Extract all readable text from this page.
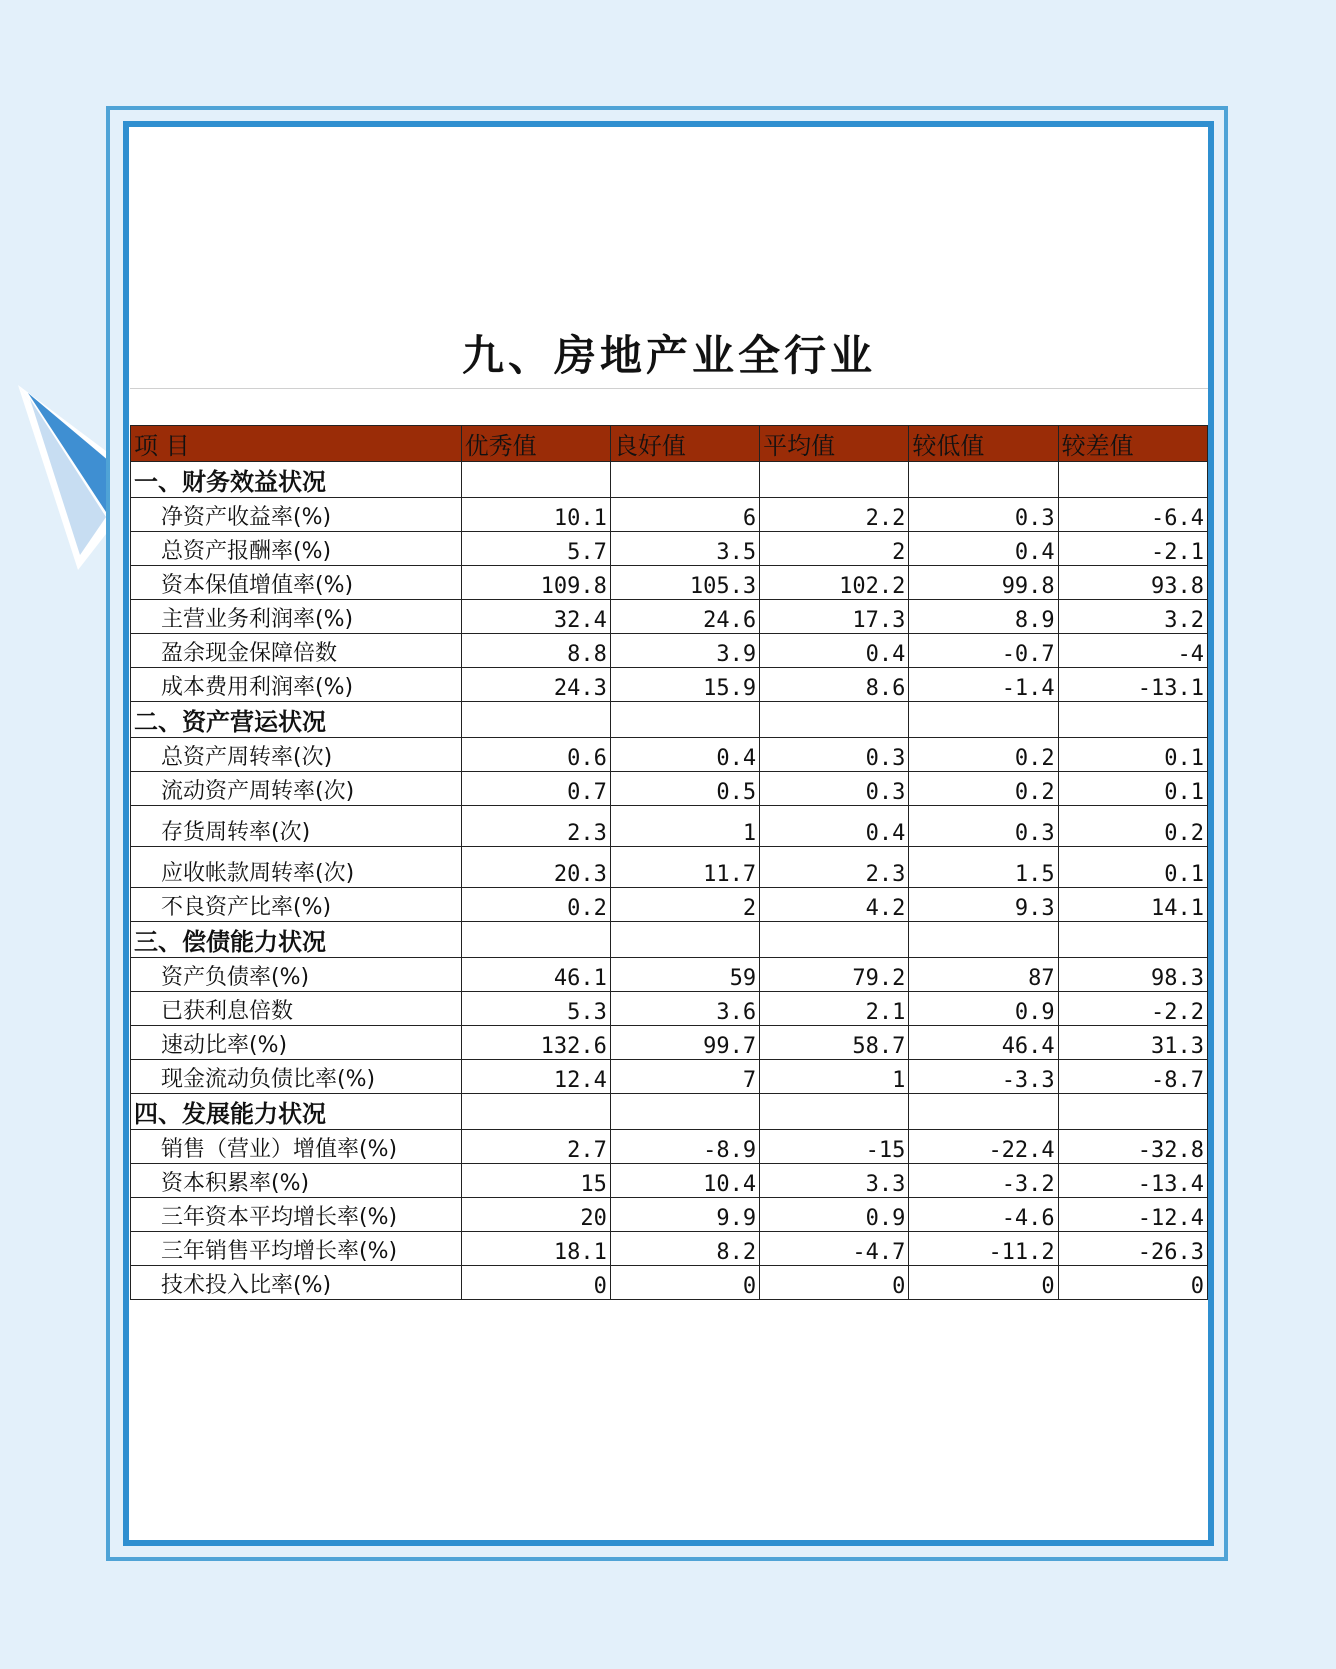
九、房地产业全行业
项 目	优秀值	良好值	平均值	较低值	较差值
一、财务效益状况					
净资产收益率(%)	10.1	6	2.2	0.3	-6.4
总资产报酬率(%)	5.7	3.5	2	0.4	-2.1
资本保值增值率(%)	109.8	105.3	102.2	99.8	93.8
主营业务利润率(%)	32.4	24.6	17.3	8.9	3.2
盈余现金保障倍数	8.8	3.9	0.4	-0.7	-4
成本费用利润率(%)	24.3	15.9	8.6	-1.4	-13.1
二、资产营运状况					
总资产周转率(次)	0.6	0.4	0.3	0.2	0.1
流动资产周转率(次)	0.7	0.5	0.3	0.2	0.1
存货周转率(次)	2.3	1	0.4	0.3	0.2
应收帐款周转率(次)	20.3	11.7	2.3	1.5	0.1
不良资产比率(%)	0.2	2	4.2	9.3	14.1
三、偿债能力状况					
资产负债率(%)	46.1	59	79.2	87	98.3
已获利息倍数	5.3	3.6	2.1	0.9	-2.2
速动比率(%)	132.6	99.7	58.7	46.4	31.3
现金流动负债比率(%)	12.4	7	1	-3.3	-8.7
四、发展能力状况					
销售（营业）增值率(%)	2.7	-8.9	-15	-22.4	-32.8
资本积累率(%)	15	10.4	3.3	-3.2	-13.4
三年资本平均增长率(%)	20	9.9	0.9	-4.6	-12.4
三年销售平均增长率(%)	18.1	8.2	-4.7	-11.2	-26.3
技术投入比率(%)	0	0	0	0	0
